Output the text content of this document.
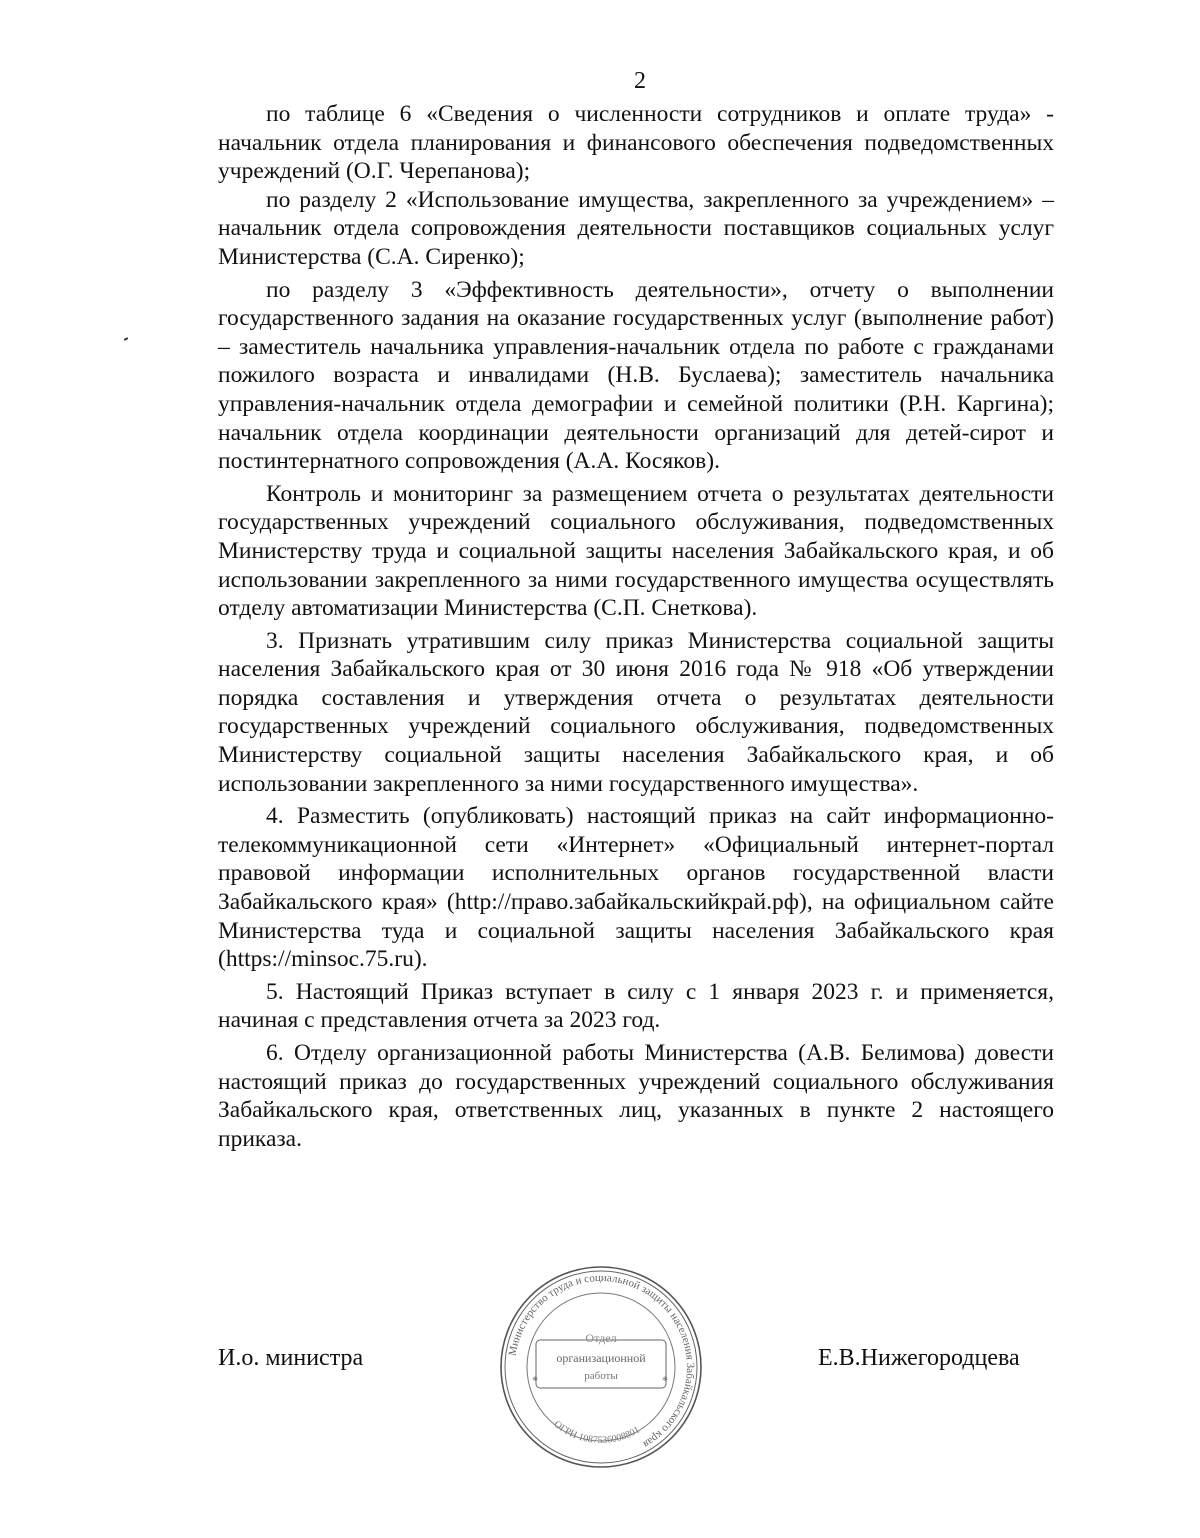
2

по таблице 6 «Сведения о численности сотрудников и оплате труда» - начальник отдела планирования и финансового обеспечения подведомственных учреждений (О.Г. Черепанова);

по разделу 2 «Использование имущества, закрепленного за учреждением» – начальник отдела сопровождения деятельности поставщиков социальных услуг Министерства (С.А. Сиренко);

по разделу 3 «Эффективность деятельности», отчету о выполнении государственного задания на оказание государственных услуг (выполнение работ) – заместитель начальника управления-начальник отдела по работе с гражданами пожилого возраста и инвалидами (Н.В. Буслаева); заместитель начальника управления-начальник отдела демографии и семейной политики (Р.Н. Каргина); начальник отдела координации деятельности организаций для детей-сирот и постинтернатного сопровождения (А.А. Косяков).

Контроль и мониторинг за размещением отчета о результатах деятельности государственных учреждений социального обслуживания, подведомственных Министерству труда и социальной защиты населения Забайкальского края, и об использовании закрепленного за ними государственного имущества осуществлять отделу автоматизации Министерства (С.П. Снеткова).

3. Признать утратившим силу приказ Министерства социальной защиты населения Забайкальского края от 30 июня 2016 года № 918 «Об утверждении порядка составления и утверждения отчета о результатах деятельности государственных учреждений социального обслуживания, подведомственных Министерству социальной защиты населения Забайкальского края, и об использовании закрепленного за ними государственного имущества».

4. Разместить (опубликовать) настоящий приказ на сайт информационно-телекоммуникационной сети «Интернет» «Официальный интернет-портал правовой информации исполнительных органов государственной власти Забайкальского края» (http://право.забайкальскийкрай.рф), на официальном сайте Министерства туда и социальной защиты населения Забайкальского края (https://minsoc.75.ru).

5. Настоящий Приказ вступает в силу с 1 января 2023 г. и применяется, начиная с представления отчета за 2023 год.

6. Отделу организационной работы Министерства (А.В. Белимова) довести настоящий приказ до государственных учреждений социального обслуживания Забайкальского края, ответственных лиц, указанных в пункте 2 настоящего приказа.

И.о. министра	Министерство труда и социальной защиты населения Забайкальского края
ОГРН 1087536008801
Отдел
организационной
работы
*	*
Е.В.Нижегородцева
